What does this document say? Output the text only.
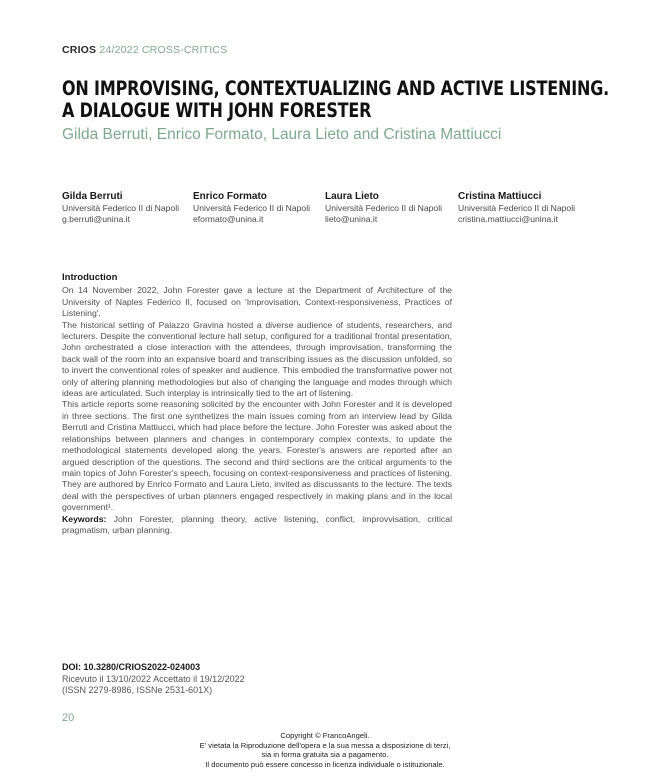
CRIOS 24/2022 CROSS-CRITICS
ON IMPROVISING, CONTEXTUALIZING AND ACTIVE LISTENING.
A DIALOGUE WITH JOHN FORESTER
Gilda Berruti, Enrico Formato, Laura Lieto and Cristina Mattiucci
Gilda Berruti
Università Federico II di Napoli
g.berruti@unina.it
Enrico Formato
Università Federico II di Napoli
eformato@unina.it
Laura Lieto
Università Federico II di Napoli
lieto@unina.it
Cristina Mattiucci
Università Federico II di Napoli
cristina.mattiucci@unina.it
Introduction

On 14 November 2022, John Forester gave a lecture at the Department of Architecture of the University of Naples Federico II, focused on 'Improvisation, Context-responsiveness, Practices of Listening'.

The historical setting of Palazzo Gravina hosted a diverse audience of students, researchers, and lecturers. Despite the conventional lecture hall setup, configured for a traditional frontal presentation, John orchestrated a close interaction with the attendees, through improvisation, transforming the back wall of the room into an expansive board and transcribing issues as the discussion unfolded, so to invert the conventional roles of speaker and audience. This embodied the transformative power not only of altering planning methodologies but also of changing the language and modes through which ideas are articulated. Such interplay is intrinsically tied to the art of listening.

This article reports some reasoning solicited by the encounter with John Forester and it is developed in three sections. The first one synthetizes the main issues coming from an interview lead by Gilda Berruti and Cristina Mattiucci, which had place before the lecture. John Forester was asked about the relationships between planners and changes in contemporary complex contexts, to update the methodological statements developed along the years. Forester's answers are reported after an argued description of the questions. The second and third sections are the critical arguments to the main topics of John Forester's speech, focusing on context-responsiveness and practices of listening. They are authored by Enrico Formato and Laura Lieto, invited as discussants to the lecture. The texts deal with the perspectives of urban planners engaged respectively in making plans and in the local government¹.

Keywords: John Forester, planning theory, active listening, conflict, improvvisation, critical pragmatism, urban planning.

DOI: 10.3280/CRIOS2022-024003
Ricevuto il 13/10/2022 Accettato il 19/12/2022
(ISSN 2279-8986, ISSNe 2531-601X)
20
Copyright © FrancoAngeli.
E' vietata la Riproduzione dell'opera e la sua messa a disposizione di terzi,
sia in forma gratuita sia a pagamento.
Il documento può essere concesso in licenza individuale o istituzionale.
